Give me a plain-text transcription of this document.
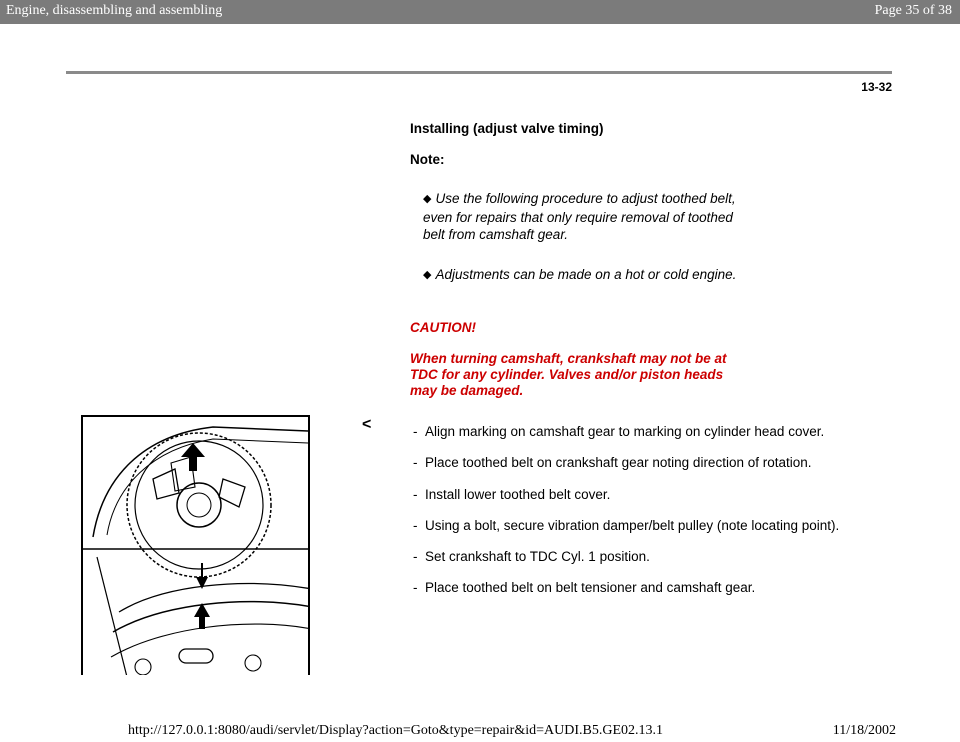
Engine, disassembling and assembling	Page 35 of 38
13-32
Installing (adjust valve timing)
Note:
◆ Use the following procedure to adjust toothed belt, even for repairs that only require removal of toothed belt from camshaft gear.
◆ Adjustments can be made on a hot or cold engine.
CAUTION!
When turning camshaft, crankshaft may not be at TDC for any cylinder. Valves and/or piston heads may be damaged.
<	- Align marking on camshaft gear to marking on cylinder head cover.
- Place toothed belt on crankshaft gear noting direction of rotation.
- Install lower toothed belt cover.
- Using a bolt, secure vibration damper/belt pulley (note locating point).
- Set crankshaft to TDC Cyl. 1 position.
- Place toothed belt on belt tensioner and camshaft gear.
http://127.0.0.1:8080/audi/servlet/Display?action=Goto&type=repair&id=AUDI.B5.GE02.13.1	11/18/2002
